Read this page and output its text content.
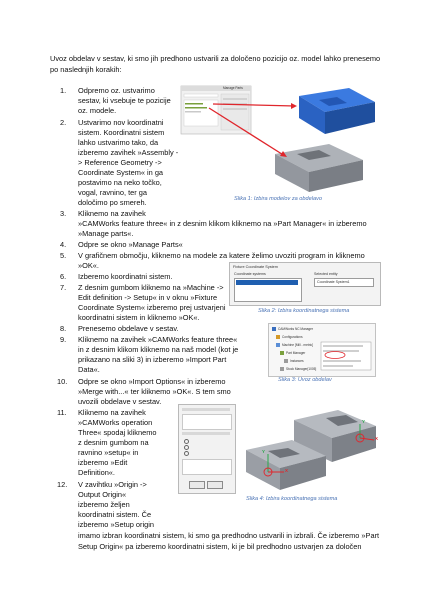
Uvoz obdelav v sestav, ki smo jih predhono ustvarili za določeno pozicijo oz. model lahko prenesemo
po naslednjih korakih:
1. Odpremo oz. ustvarimo
sestav, ki vsebuje te pozicije
oz. modele.
2. Ustvarimo nov koordinatni
sistem. Koordinatni sistem
lahko ustvarimo tako, da
izberemo zavihek »Assembly -
> Reference Geometry ->
Coordinate System« in ga
postavimo na neko točko,
vogal, ravnino, ter ga
določimo po smereh.
3. Kliknemo na zavihek
»CAMWorks feature three« in z desnim klikom kliknemo na »Part Manager« in izberemo
»Manage parts«.
4. Odpre se okno »Manage Parts«
5. V grafičnem območju, kliknemo na modele za katere želimo uvoziti program in kliknemo
»OK«.
6. Izberemo koordinatni sistem.
7. Z desnim gumbom kliknemo na »Machine ->
Edit definition -> Setup« in v oknu »Fixture
Coordinate System« izberemo prej ustvarjeni
koordinatni sistem in kliknemo »OK«.
8. Prenesemo obdelave v sestav.
9. Kliknemo na zavihek »CAMWorks feature three«
in z desnim klikom kliknemo na naš model (kot je
prikazano na sliki 3) in izberemo »Import Part
Data«.
10. Odpre se okno »Import Options« in izberemo
»Merge with...« ter kliknemo »OK«. S tem smo
uvozili obdelave v sestav.
11. Kliknemo na zavihek
»CAMWorks operation
Three« spodaj kliknemo
z desnim gumbom na
ravnino »setup« in
izberemo »Edit
Definition«.
12. V zavihtku »Origin ->
Output Origin«
izberemo željen
koordinatni sistem. Če
izberemo »Setup origin
imamo izbran koordinatni sistem, ki smo ga predhodno ustvarili in izbrali. Če izberemo »Part
Setup Origin« pa izberemo koordinatni sistem, ki je bil predhodno ustvarjen za določen
Manage Parts
Slika 1: Izbira modelov za obdelavo
Fixture Coordinate System
Coordinate systems	Selected entity
Coordinate System1
Slika 2: Izbira koordinatnega sistema
CAMWorks NC Manager
Configurations
Machine [Mill - metric]
Part Manager
Instances
Stock Manager[1005]
Slika 3: Uvoz obdelav
Y
X
Y
X
Slika 4: Izbira koordinatnega sistema
